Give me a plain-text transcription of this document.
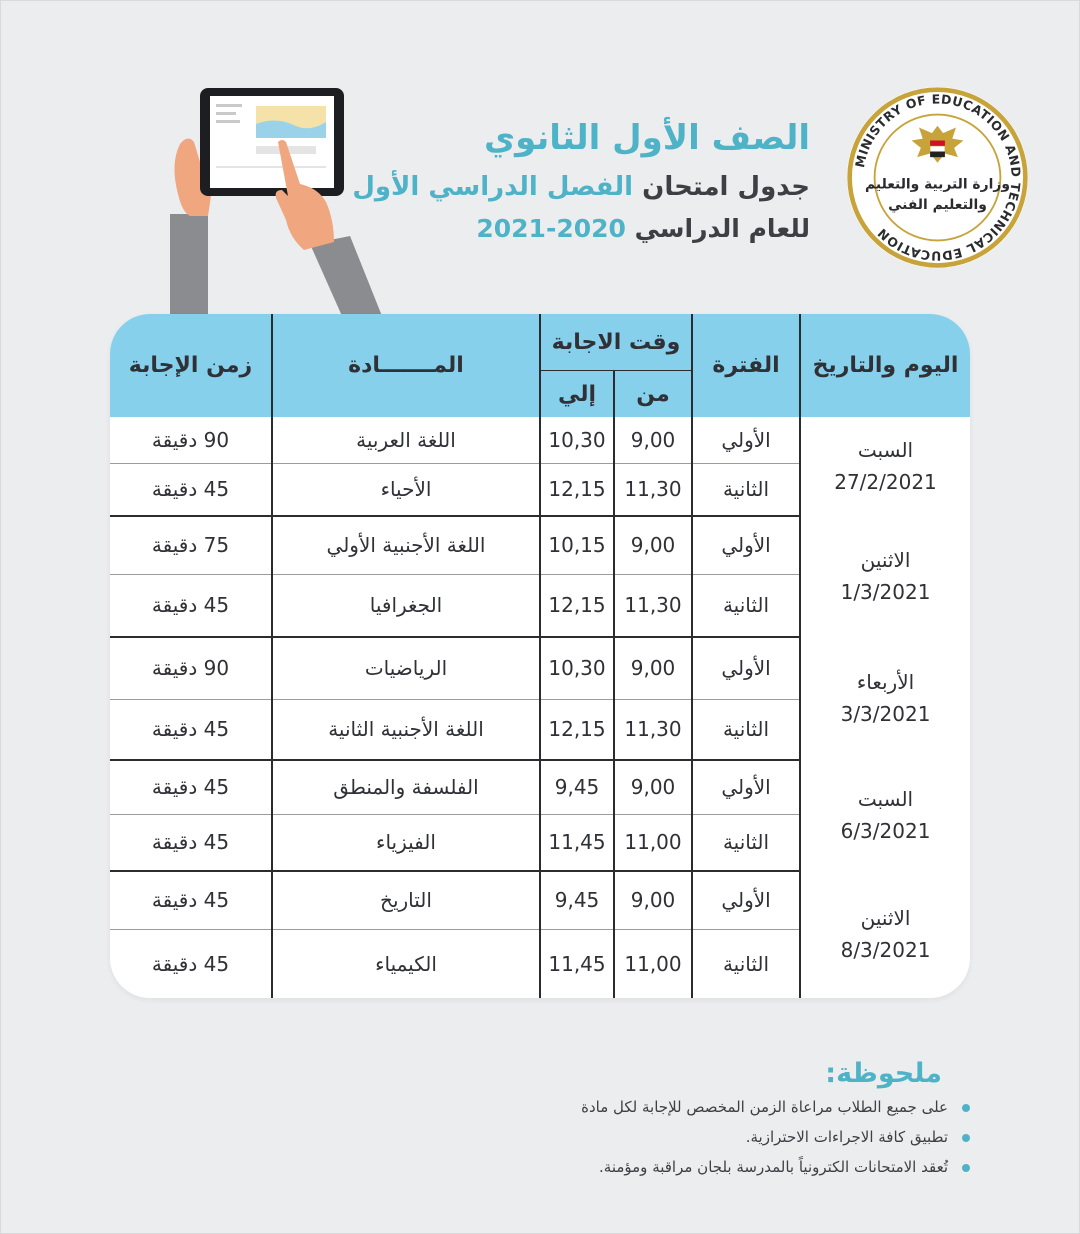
MINISTRY OF EDUCATION AND TECHNICAL EDUCATION
وزارة التربية والتعليم
والتعليم الفني
الصف الأول الثانوي
جدول امتحان الفصل الدراسي الأول
للعام الدراسي 2020-2021
اليوم والتاريخ	الفترة	وقت الاجابة		المـــــــادة	زمن الإجابة
		من	إلي		

السبت
27/2/2021	الأولي	9,00	10,30	اللغة العربية	90 دقيقة
	الثانية	11,30	12,15	الأحياء	45 دقيقة

الاثنين
1/3/2021	الأولي	9,00	10,15	اللغة الأجنبية الأولي	75 دقيقة
	الثانية	11,30	12,15	الجغرافيا	45 دقيقة

الأربعاء
3/3/2021	الأولي	9,00	10,30	الرياضيات	90 دقيقة
	الثانية	11,30	12,15	اللغة الأجنبية الثانية	45 دقيقة

السبت
6/3/2021	الأولي	9,00	9,45	الفلسفة والمنطق	45 دقيقة
	الثانية	11,00	11,45	الفيزياء	45 دقيقة

الاثنين
8/3/2021	الأولي	9,00	9,45	التاريخ	45 دقيقة
	الثانية	11,00	11,45	الكيمياء	45 دقيقة
ملحوظة:
على جميع الطلاب مراعاة الزمن المخصص للإجابة لكل مادة
تطبيق كافة الاجراءات الاحترازية.
تُعقد الامتحانات الكترونياً بالمدرسة بلجان مراقبة ومؤمنة.
